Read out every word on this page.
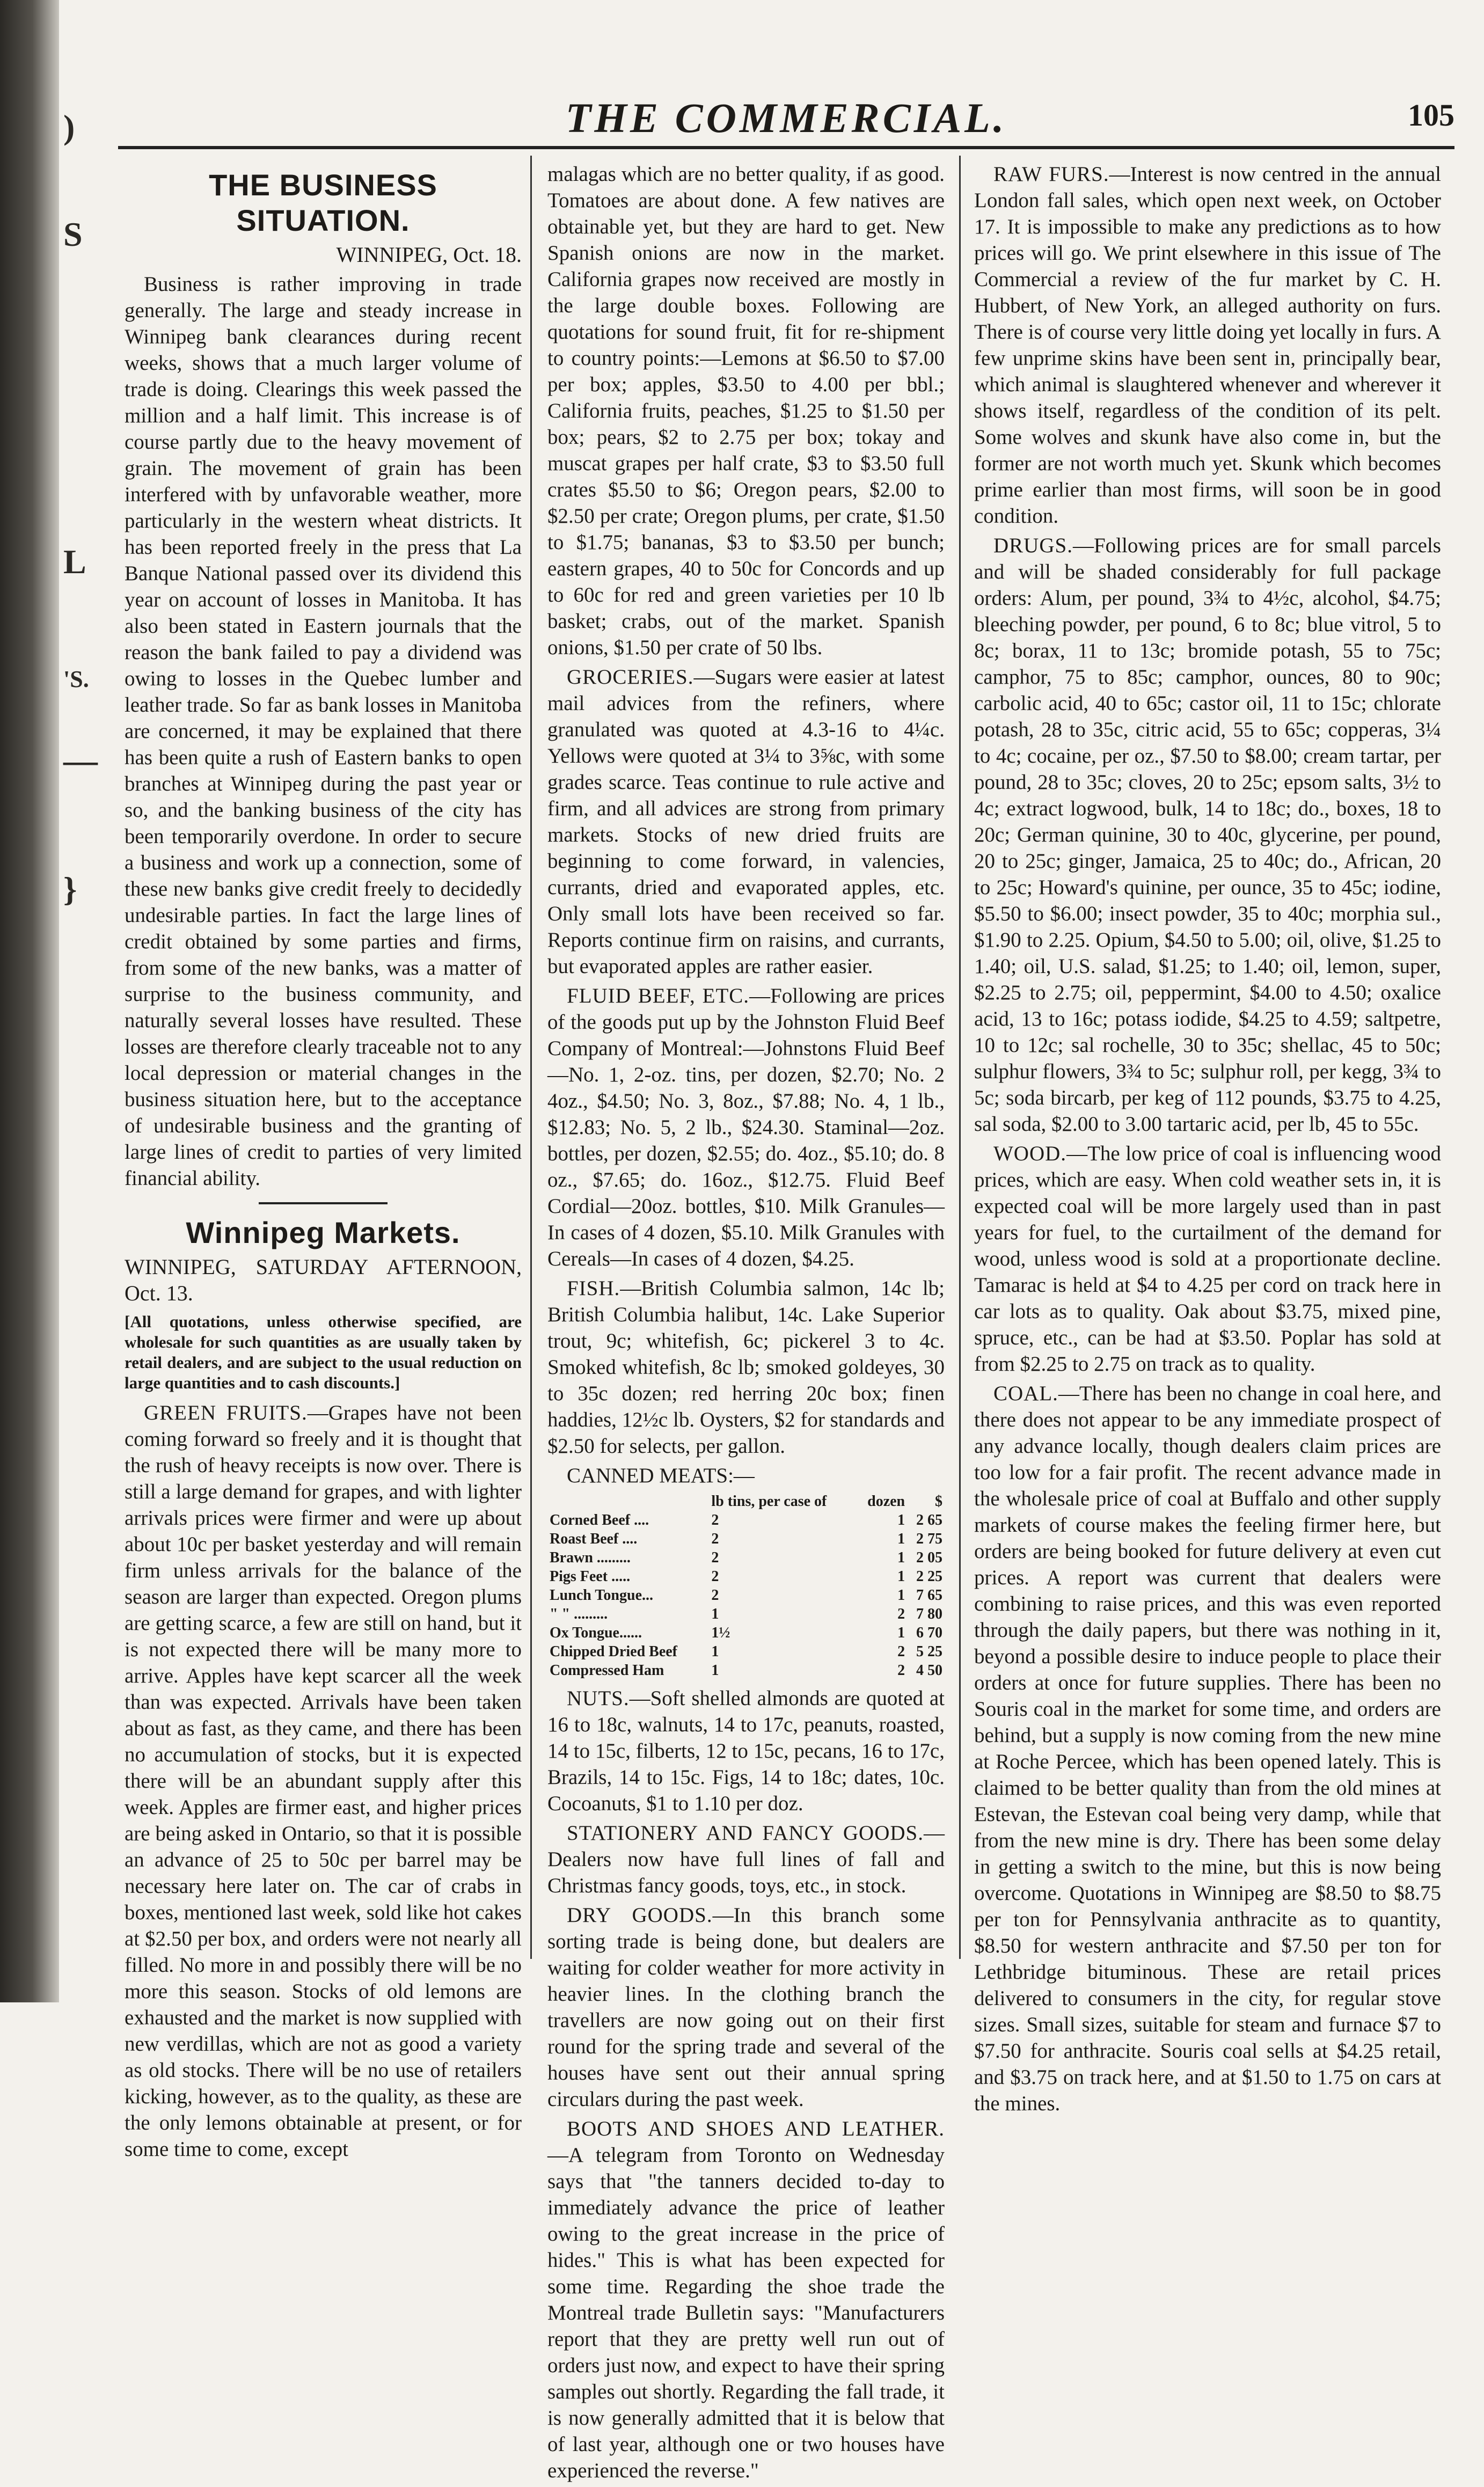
)
S
L
'S.
—
}
THE COMMERCIAL.	105
THE BUSINESS SITUATION.
WINNIPEG, Oct. 18.

Business is rather improving in trade generally. The large and steady increase in Winnipeg bank clearances during recent weeks, shows that a much larger volume of trade is doing. Clearings this week passed the million and a half limit. This increase is of course partly due to the heavy movement of grain. The movement of grain has been interfered with by unfavorable weather, more particularly in the western wheat districts. It has been reported freely in the press that La Banque National passed over its dividend this year on account of losses in Manitoba. It has also been stated in Eastern journals that the reason the bank failed to pay a dividend was owing to losses in the Quebec lumber and leather trade. So far as bank losses in Manitoba are concerned, it may be explained that there has been quite a rush of Eastern banks to open branches at Winnipeg during the past year or so, and the banking business of the city has been temporarily overdone. In order to secure a business and work up a connection, some of these new banks give credit freely to decidedly undesirable parties. In fact the large lines of credit obtained by some parties and firms, from some of the new banks, was a matter of surprise to the business community, and naturally several losses have resulted. These losses are therefore clearly traceable not to any local depression or material changes in the business situation here, but to the acceptance of undesirable business and the granting of large lines of credit to parties of very limited financial ability.

Winnipeg Markets.
WINNIPEG, SATURDAY AFTERNOON, Oct. 13.
[All quotations, unless otherwise specified, are wholesale for such quantities as are usually taken by retail dealers, and are subject to the usual reduction on large quantities and to cash discounts.]

GREEN FRUITS.—Grapes have not been coming forward so freely and it is thought that the rush of heavy receipts is now over. There is still a large demand for grapes, and with lighter arrivals prices were firmer and were up about about 10c per basket yesterday and will remain firm unless arrivals for the balance of the season are larger than expected. Oregon plums are getting scarce, a few are still on hand, but it is not expected there will be many more to arrive. Apples have kept scarcer all the week than was expected. Arrivals have been taken about as fast, as they came, and there has been no accumulation of stocks, but it is expected there will be an abundant supply after this week. Apples are firmer east, and higher prices are being asked in Ontario, so that it is possible an advance of 25 to 50c per barrel may be necessary here later on. The car of crabs in boxes, mentioned last week, sold like hot cakes at $2.50 per box, and orders were not nearly all filled. No more in and possibly there will be no more this season. Stocks of old lemons are exhausted and the market is now supplied with new verdillas, which are not as good a variety as old stocks. There will be no use of retailers kicking, however, as to the quality, as these are the only lemons obtainable at present, or for some time to come, except

malagas which are no better quality, if as good. Tomatoes are about done. A few natives are obtainable yet, but they are hard to get. New Spanish onions are now in the market. California grapes now received are mostly in the large double boxes. Following are quotations for sound fruit, fit for re-shipment to country points:—Lemons at $6.50 to $7.00 per box; apples, $3.50 to 4.00 per bbl.; California fruits, peaches, $1.25 to $1.50 per box; pears, $2 to 2.75 per box; tokay and muscat grapes per half crate, $3 to $3.50 full crates $5.50 to $6; Oregon pears, $2.00 to $2.50 per crate; Oregon plums, per crate, $1.50 to $1.75; bananas, $3 to $3.50 per bunch; eastern grapes, 40 to 50c for Concords and up to 60c for red and green varieties per 10 lb basket; crabs, out of the market. Spanish onions, $1.50 per crate of 50 lbs.

GROCERIES.—Sugars were easier at latest mail advices from the refiners, where granulated was quoted at 4.3-16 to 4¼c. Yellows were quoted at 3¼ to 3⅝c, with some grades scarce. Teas continue to rule active and firm, and all advices are strong from primary markets. Stocks of new dried fruits are beginning to come forward, in valencies, currants, dried and evaporated apples, etc. Only small lots have been received so far. Reports continue firm on raisins, and currants, but evaporated apples are rather easier.

FLUID BEEF, ETC.—Following are prices of the goods put up by the Johnston Fluid Beef Company of Montreal:—Johnstons Fluid Beef—No. 1, 2-oz. tins, per dozen, $2.70; No. 2 4oz., $4.50; No. 3, 8oz., $7.88; No. 4, 1 lb., $12.83; No. 5, 2 lb., $24.30. Staminal—2oz. bottles, per dozen, $2.55; do. 4oz., $5.10; do. 8 oz., $7.65; do. 16oz., $12.75. Fluid Beef Cordial—20oz. bottles, $10. Milk Granules—In cases of 4 dozen, $5.10. Milk Granules with Cereals—In cases of 4 dozen, $4.25.

FISH.—British Columbia salmon, 14c lb; British Columbia halibut, 14c. Lake Superior trout, 9c; whitefish, 6c; pickerel 3 to 4c. Smoked whitefish, 8c lb; smoked goldeyes, 30 to 35c dozen; red herring 20c box; finen haddies, 12½c lb. Oysters, $2 for standards and $2.50 for selects, per gallon.

CANNED MEATS:—

	lb tins, per case of	dozen	$
Corned Beef ....	2	1	2 65
Roast Beef ....	2	1	2 75
Brawn .........	2	1	2 05
Pigs Feet .....	2	1	2 25
Lunch Tongue...	2	1	7 65
" " .........	1	2	7 80
Ox Tongue......	1½	1	6 70
Chipped Dried Beef	1	2	5 25
Compressed Ham	1	2	4 50

NUTS.—Soft shelled almonds are quoted at 16 to 18c, walnuts, 14 to 17c, peanuts, roasted, 14 to 15c, filberts, 12 to 15c, pecans, 16 to 17c, Brazils, 14 to 15c. Figs, 14 to 18c; dates, 10c. Cocoanuts, $1 to 1.10 per doz.

STATIONERY AND FANCY GOODS.—Dealers now have full lines of fall and Christmas fancy goods, toys, etc., in stock.

DRY GOODS.—In this branch some sorting trade is being done, but dealers are waiting for colder weather for more activity in heavier lines. In the clothing branch the travellers are now going out on their first round for the spring trade and several of the houses have sent out their annual spring circulars during the past week.

BOOTS AND SHOES AND LEATHER.—A telegram from Toronto on Wednesday says that "the tanners decided to-day to immediately advance the price of leather owing to the great increase in the price of hides." This is what has been expected for some time. Regarding the shoe trade the Montreal trade Bulletin says: "Manufacturers report that they are pretty well run out of orders just now, and expect to have their spring samples out shortly. Regarding the fall trade, it is now generally admitted that it is below that of last year, although one or two houses have experienced the reverse."

RAW FURS.—Interest is now centred in the annual London fall sales, which open next week, on October 17. It is impossible to make any predictions as to how prices will go. We print elsewhere in this issue of The Commercial a review of the fur market by C. H. Hubbert, of New York, an alleged authority on furs. There is of course very little doing yet locally in furs. A few unprime skins have been sent in, principally bear, which animal is slaughtered whenever and wherever it shows itself, regardless of the condition of its pelt. Some wolves and skunk have also come in, but the former are not worth much yet. Skunk which becomes prime earlier than most firms, will soon be in good condition.

DRUGS.—Following prices are for small parcels and will be shaded considerably for full package orders: Alum, per pound, 3¾ to 4½c, alcohol, $4.75; bleeching powder, per pound, 6 to 8c; blue vitrol, 5 to 8c; borax, 11 to 13c; bromide potash, 55 to 75c; camphor, 75 to 85c; camphor, ounces, 80 to 90c; carbolic acid, 40 to 65c; castor oil, 11 to 15c; chlorate potash, 28 to 35c, citric acid, 55 to 65c; copperas, 3¼ to 4c; cocaine, per oz., $7.50 to $8.00; cream tartar, per pound, 28 to 35c; cloves, 20 to 25c; epsom salts, 3½ to 4c; extract logwood, bulk, 14 to 18c; do., boxes, 18 to 20c; German quinine, 30 to 40c, glycerine, per pound, 20 to 25c; ginger, Jamaica, 25 to 40c; do., African, 20 to 25c; Howard's quinine, per ounce, 35 to 45c; iodine, $5.50 to $6.00; insect powder, 35 to 40c; morphia sul., $1.90 to 2.25. Opium, $4.50 to 5.00; oil, olive, $1.25 to 1.40; oil, U.S. salad, $1.25; to 1.40; oil, lemon, super, $2.25 to 2.75; oil, peppermint, $4.00 to 4.50; oxalice acid, 13 to 16c; potass iodide, $4.25 to 4.59; saltpetre, 10 to 12c; sal rochelle, 30 to 35c; shellac, 45 to 50c; sulphur flowers, 3¾ to 5c; sulphur roll, per kegg, 3¾ to 5c; soda bircarb, per keg of 112 pounds, $3.75 to 4.25, sal soda, $2.00 to 3.00 tartaric acid, per lb, 45 to 55c.

WOOD.—The low price of coal is influencing wood prices, which are easy. When cold weather sets in, it is expected coal will be more largely used than in past years for fuel, to the curtailment of the demand for wood, unless wood is sold at a proportionate decline. Tamarac is held at $4 to 4.25 per cord on track here in car lots as to quality. Oak about $3.75, mixed pine, spruce, etc., can be had at $3.50. Poplar has sold at from $2.25 to 2.75 on track as to quality.

COAL.—There has been no change in coal here, and there does not appear to be any immediate prospect of any advance locally, though dealers claim prices are too low for a fair profit. The recent advance made in the wholesale price of coal at Buffalo and other supply markets of course makes the feeling firmer here, but orders are being booked for future delivery at even cut prices. A report was current that dealers were combining to raise prices, and this was even reported through the daily papers, but there was nothing in it, beyond a possible desire to induce people to place their orders at once for future supplies. There has been no Souris coal in the market for some time, and orders are behind, but a supply is now coming from the new mine at Roche Percee, which has been opened lately. This is claimed to be better quality than from the old mines at Estevan, the Estevan coal being very damp, while that from the new mine is dry. There has been some delay in getting a switch to the mine, but this is now being overcome. Quotations in Winnipeg are $8.50 to $8.75 per ton for Pennsylvania anthracite as to quantity, $8.50 for western anthracite and $7.50 per ton for Lethbridge bituminous. These are retail prices delivered to consumers in the city, for regular stove sizes. Small sizes, suitable for steam and furnace $7 to $7.50 for anthracite. Souris coal sells at $4.25 retail, and $3.75 on track here, and at $1.50 to 1.75 on cars at the mines.
